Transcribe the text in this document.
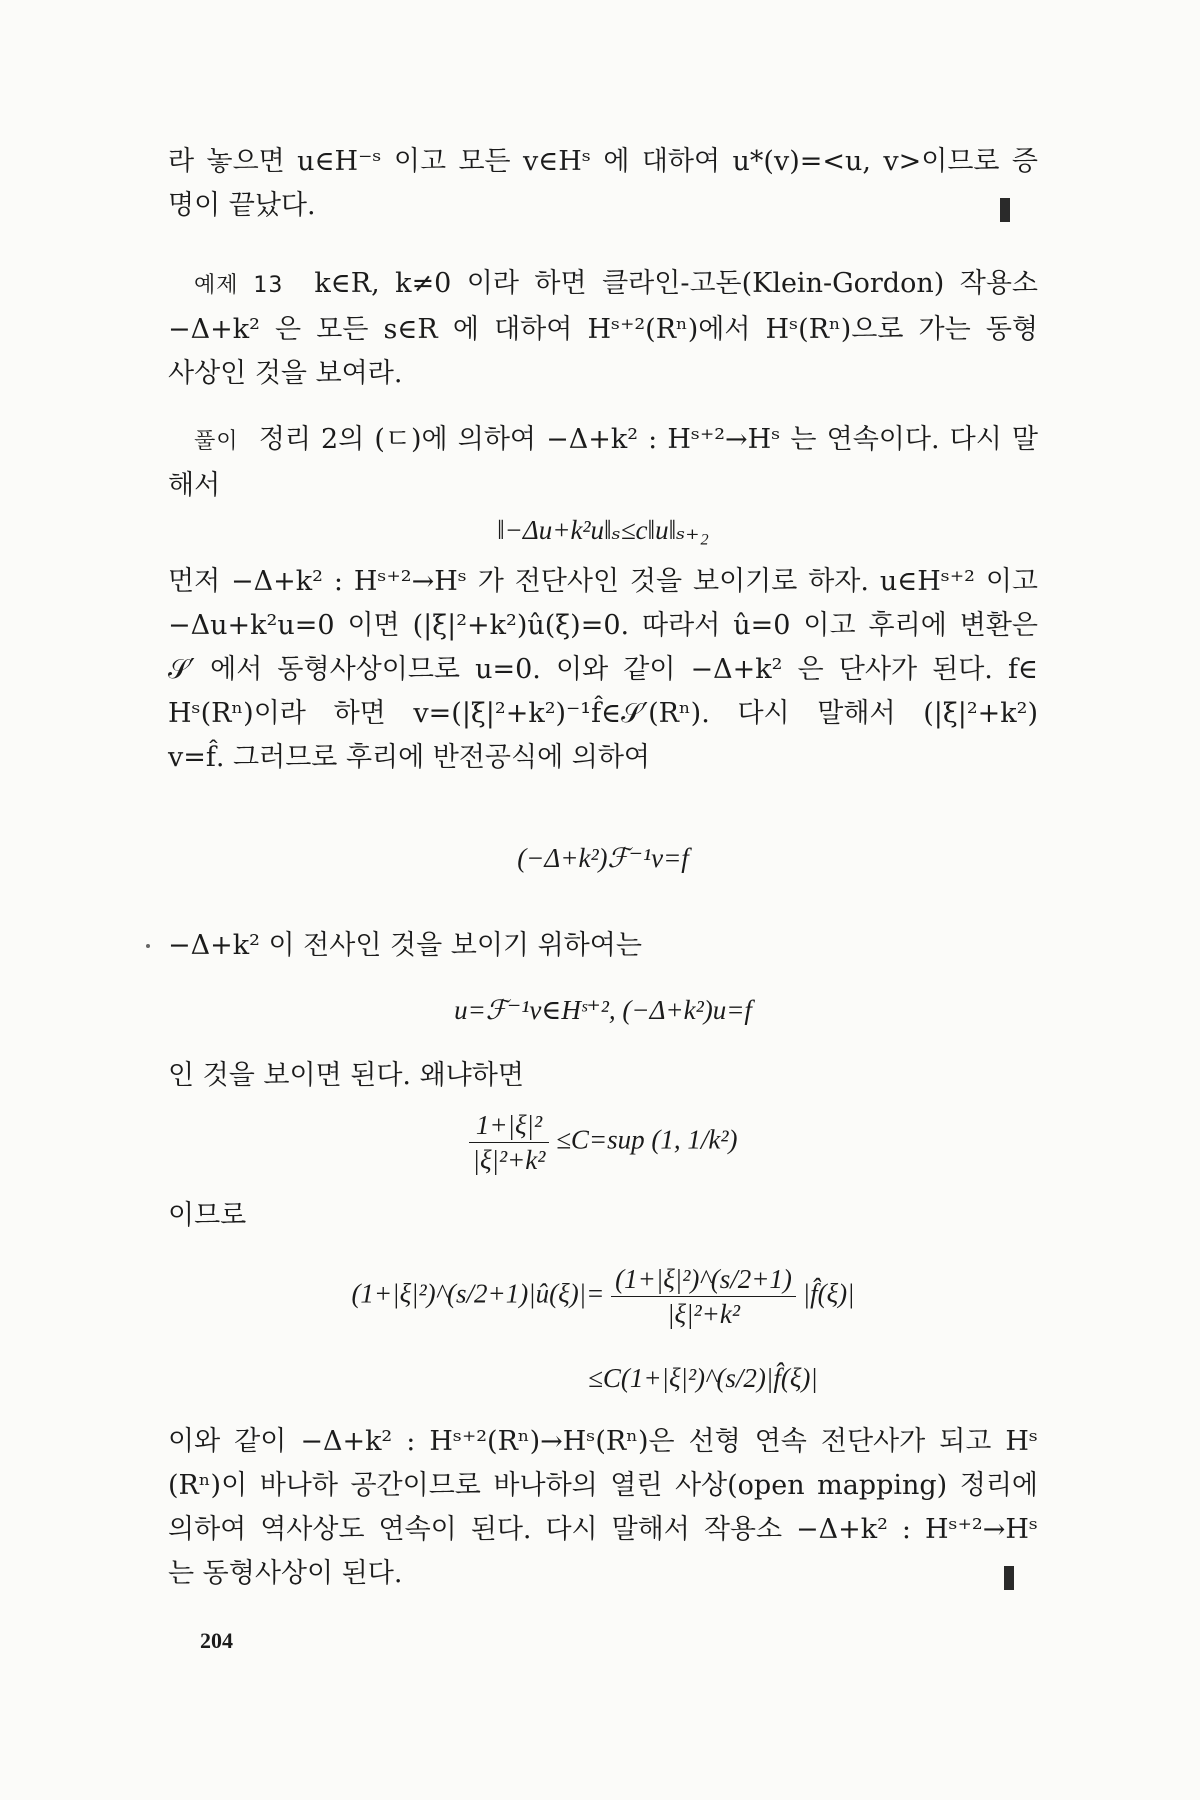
라 놓으면 u∈H⁻ˢ 이고 모든 v∈Hˢ 에 대하여 u*(v)=<u, v>이므로 증
명이 끝났다.
예제 13 k∈R, k≠0 이라 하면 클라인-고돈(Klein-Gordon) 작용소
−Δ+k² 은 모든 s∈R 에 대하여 Hˢ⁺²(Rⁿ)에서 Hˢ(Rⁿ)으로 가는 동형
사상인 것을 보여라.
풀이 정리 2의 (ㄷ)에 의하여 −Δ+k² : Hˢ⁺²→Hˢ 는 연속이다. 다시 말
해서
‖−Δu+k²u‖ₛ≤c‖u‖ₛ₊₂
먼저 −Δ+k² : Hˢ⁺²→Hˢ 가 전단사인 것을 보이기로 하자. u∈Hˢ⁺² 이고
−Δu+k²u=0 이면 (|ξ|²+k²)û(ξ)=0. 따라서 û=0 이고 후리에 변환은
𝒮′ 에서 동형사상이므로 u=0. 이와 같이 −Δ+k² 은 단사가 된다. f∈
Hˢ(Rⁿ)이라 하면 v=(|ξ|²+k²)⁻¹f̂∈𝒮′(Rⁿ). 다시 말해서 (|ξ|²+k²)
v=f̂. 그러므로 후리에 반전공식에 의하여
(−Δ+k²)ℱ⁻¹v=f
−Δ+k² 이 전사인 것을 보이기 위하여는
u=ℱ⁻¹v∈Hˢ⁺², (−Δ+k²)u=f
인 것을 보이면 된다. 왜냐하면
$\frac{\text{1+|ξ|²}}{\text{|ξ|²+k²}} \le C=sup$ (1, 1/k²)
이므로
(1+|ξ|²)^(s/2+1)|û(ξ)|= $\frac{\text{(1+|ξ|²)\textasciicircum{}(s/2+1)}}{\text{|ξ|²+k²}}$ |f̂(ξ)|
≤C(1+|ξ|²)^(s/2)|f̂(ξ)|
이와 같이 −Δ+k² : Hˢ⁺²(Rⁿ)→Hˢ(Rⁿ)은 선형 연속 전단사가 되고 Hˢ
(Rⁿ)이 바나하 공간이므로 바나하의 열린 사상(open mapping) 정리에
의하여 역사상도 연속이 된다. 다시 말해서 작용소 −Δ+k² : Hˢ⁺²→Hˢ
는 동형사상이 된다.
204
